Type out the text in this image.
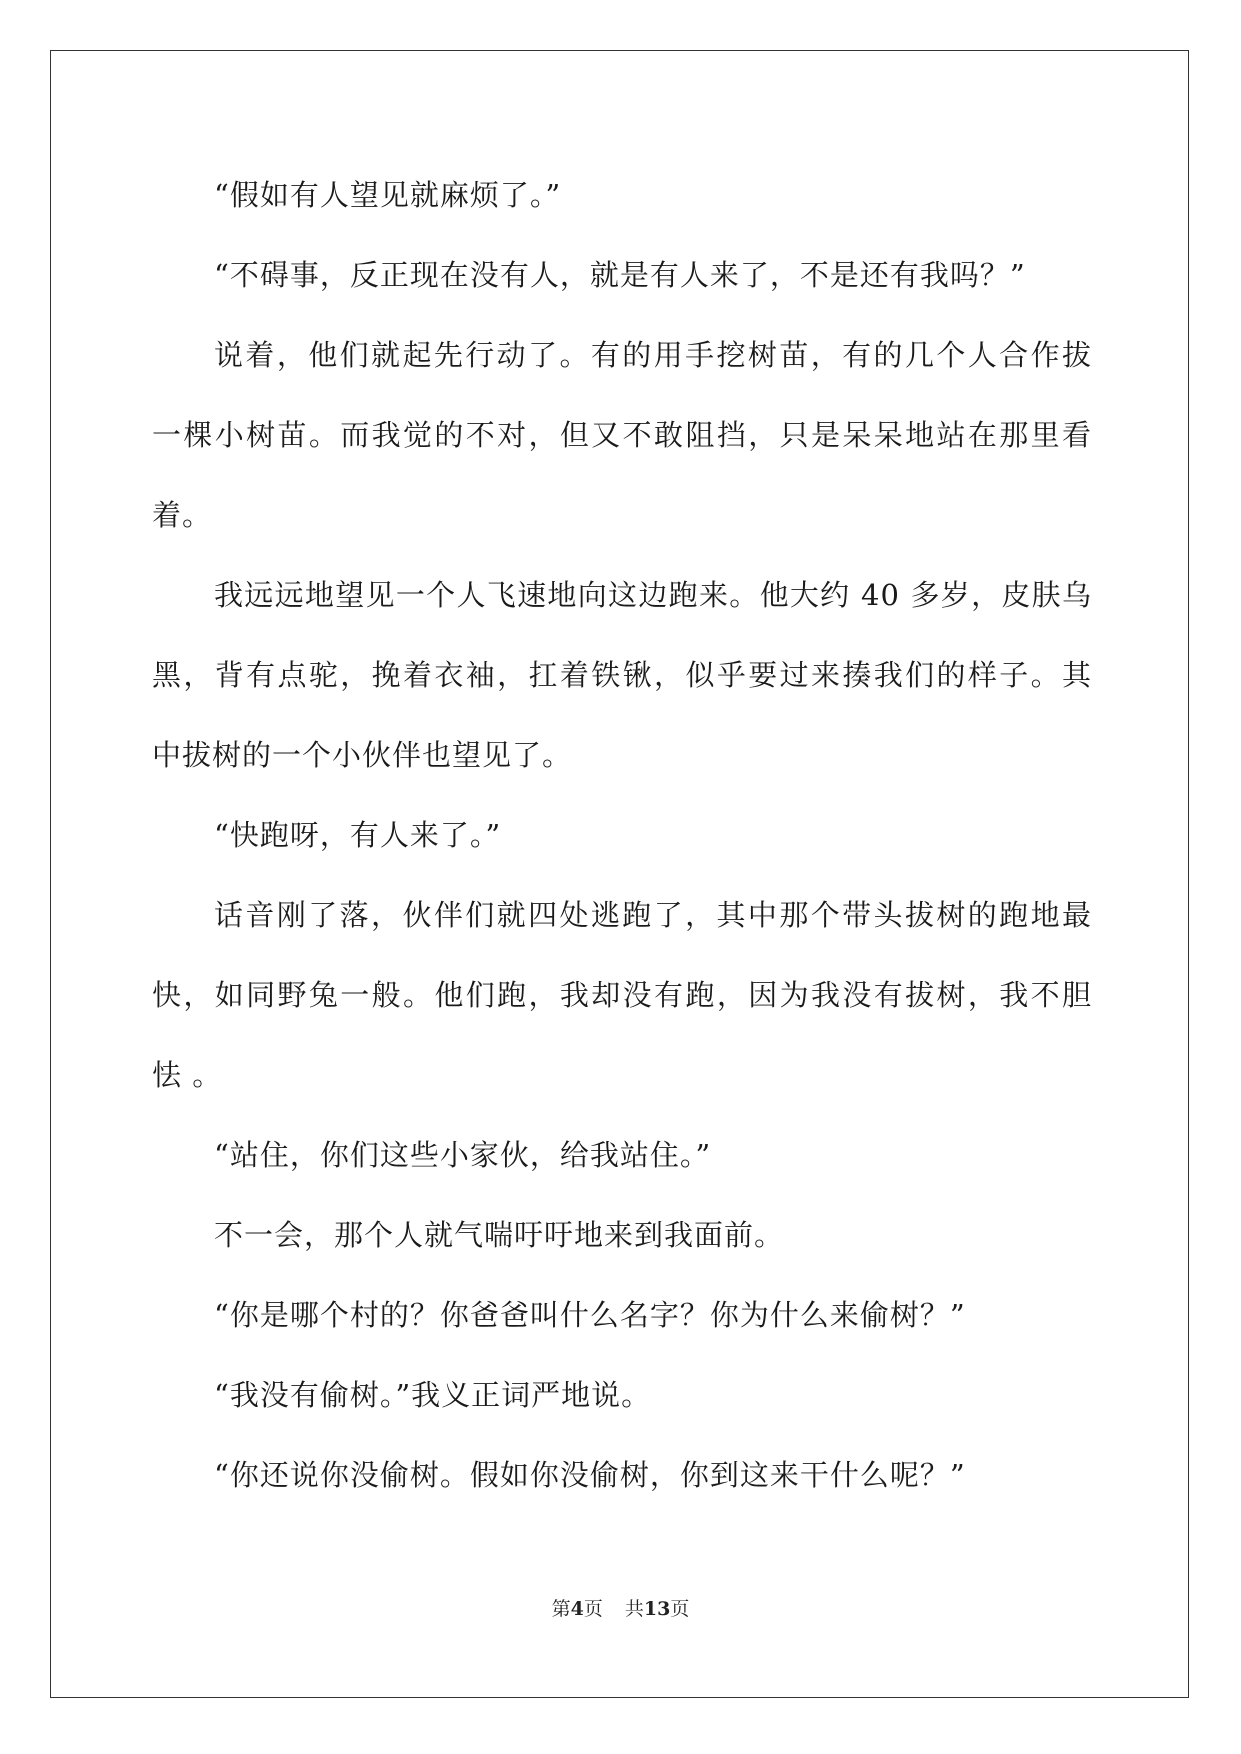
“假如有人望见就麻烦了。”
“不碍事，反正现在没有人，就是有人来了，不是还有我吗？”
说着，他们就起先行动了。有的用手挖树苗，有的几个人合作拔
一棵小树苗。而我觉的不对，但又不敢阻挡，只是呆呆地站在那里看
着。
我远远地望见一个人飞速地向这边跑来。他大约 40 多岁，皮肤乌
黑，背有点驼，挽着衣袖，扛着铁锹，似乎要过来揍我们的样子。其
中拔树的一个小伙伴也望见了。
“快跑呀，有人来了。”
话音刚了落，伙伴们就四处逃跑了，其中那个带头拔树的跑地最
快，如同野兔一般。他们跑，我却没有跑，因为我没有拔树，我不胆
怯 。
“站住，你们这些小家伙，给我站住。”
不一会，那个人就气喘吁吁地来到我面前。
“你是哪个村的？你爸爸叫什么名字？你为什么来偷树？”
“我没有偷树。”我义正词严地说。
“你还说你没偷树。假如你没偷树，你到这来干什么呢？”
第4页 共13页
